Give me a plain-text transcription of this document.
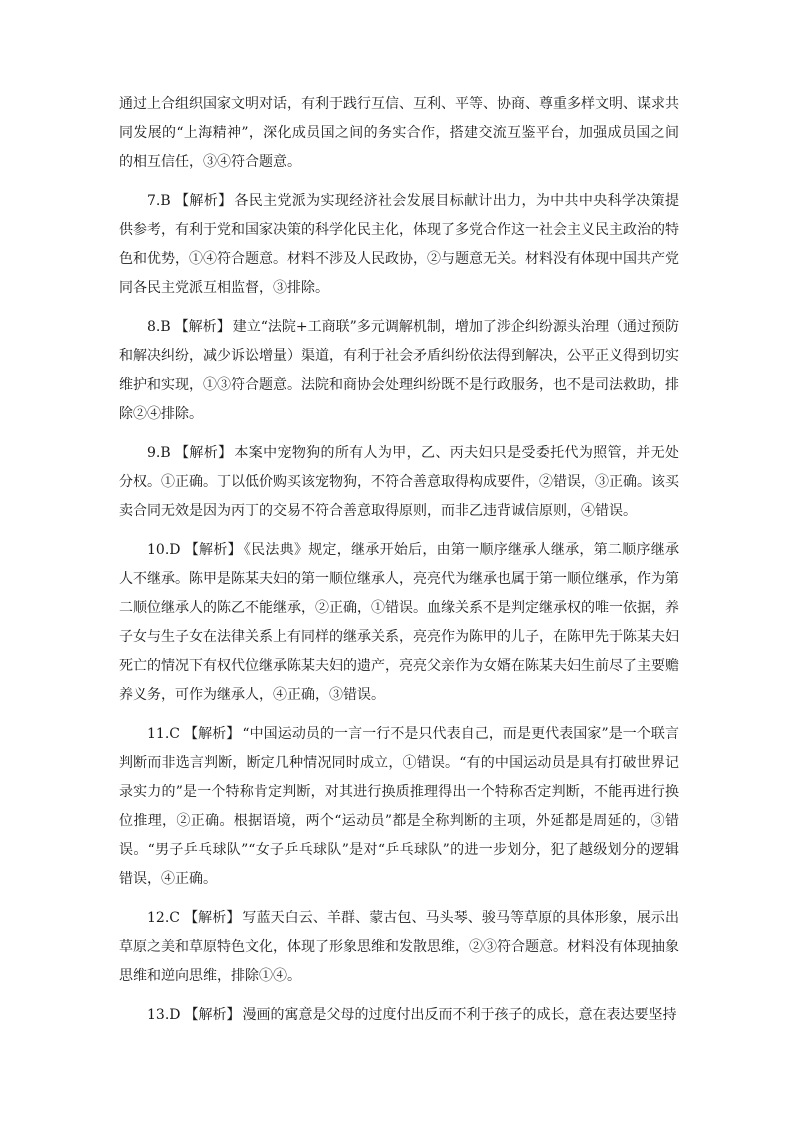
通过上合组织国家文明对话，有利于践行互信、互利、平等、协商、尊重多样文明、谋求共同发展的“上海精神”，深化成员国之间的务实合作，搭建交流互鉴平台，加强成员国之间的相互信任，③④符合题意。

7.B 【解析】 各民主党派为实现经济社会发展目标献计出力，为中共中央科学决策提供参考，有利于党和国家决策的科学化民主化，体现了多党合作这一社会主义民主政治的特色和优势，①④符合题意。材料不涉及人民政协，②与题意无关。材料没有体现中国共产党同各民主党派互相监督，③排除。

8.B 【解析】 建立“法院+工商联”多元调解机制，增加了涉企纠纷源头治理（通过预防和解决纠纷，减少诉讼增量）渠道，有利于社会矛盾纠纷依法得到解决，公平正义得到切实维护和实现，①③符合题意。法院和商协会处理纠纷既不是行政服务，也不是司法救助，排除②④排除。

9.B 【解析】 本案中宠物狗的所有人为甲，乙、丙夫妇只是受委托代为照管，并无处分权。①正确。丁以低价购买该宠物狗，不符合善意取得构成要件，②错误，③正确。该买卖合同无效是因为丙丁的交易不符合善意取得原则，而非乙违背诚信原则，④错误。

10.D 【解析】 《民法典》规定，继承开始后，由第一顺序继承人继承，第二顺序继承人不继承。陈甲是陈某夫妇的第一顺位继承人，亮亮代为继承也属于第一顺位继承，作为第二顺位继承人的陈乙不能继承，②正确，①错误。血缘关系不是判定继承权的唯一依据，养子女与生子女在法律关系上有同样的继承关系，亮亮作为陈甲的儿子，在陈甲先于陈某夫妇死亡的情况下有权代位继承陈某夫妇的遗产，亮亮父亲作为女婿在陈某夫妇生前尽了主要赡养义务，可作为继承人，④正确，③错误。

11.C 【解析】 “中国运动员的一言一行不是只代表自己，而是更代表国家”是一个联言判断而非选言判断，断定几种情况同时成立，①错误。“有的中国运动员是具有打破世界记录实力的”是一个特称肯定判断，对其进行换质推理得出一个特称否定判断，不能再进行换位推理，②正确。根据语境，两个“运动员”都是全称判断的主项，外延都是周延的，③错误。“男子乒乓球队”“女子乒乓球队”是对“乒乓球队”的进一步划分，犯了越级划分的逻辑错误，④正确。

12.C 【解析】 写蓝天白云、羊群、蒙古包、马头琴、骏马等草原的具体形象，展示出草原之美和草原特色文化，体现了形象思维和发散思维，②③符合题意。材料没有体现抽象思维和逆向思维，排除①④。

13.D 【解析】 漫画的寓意是父母的过度付出反而不利于孩子的成长，意在表达要坚持
